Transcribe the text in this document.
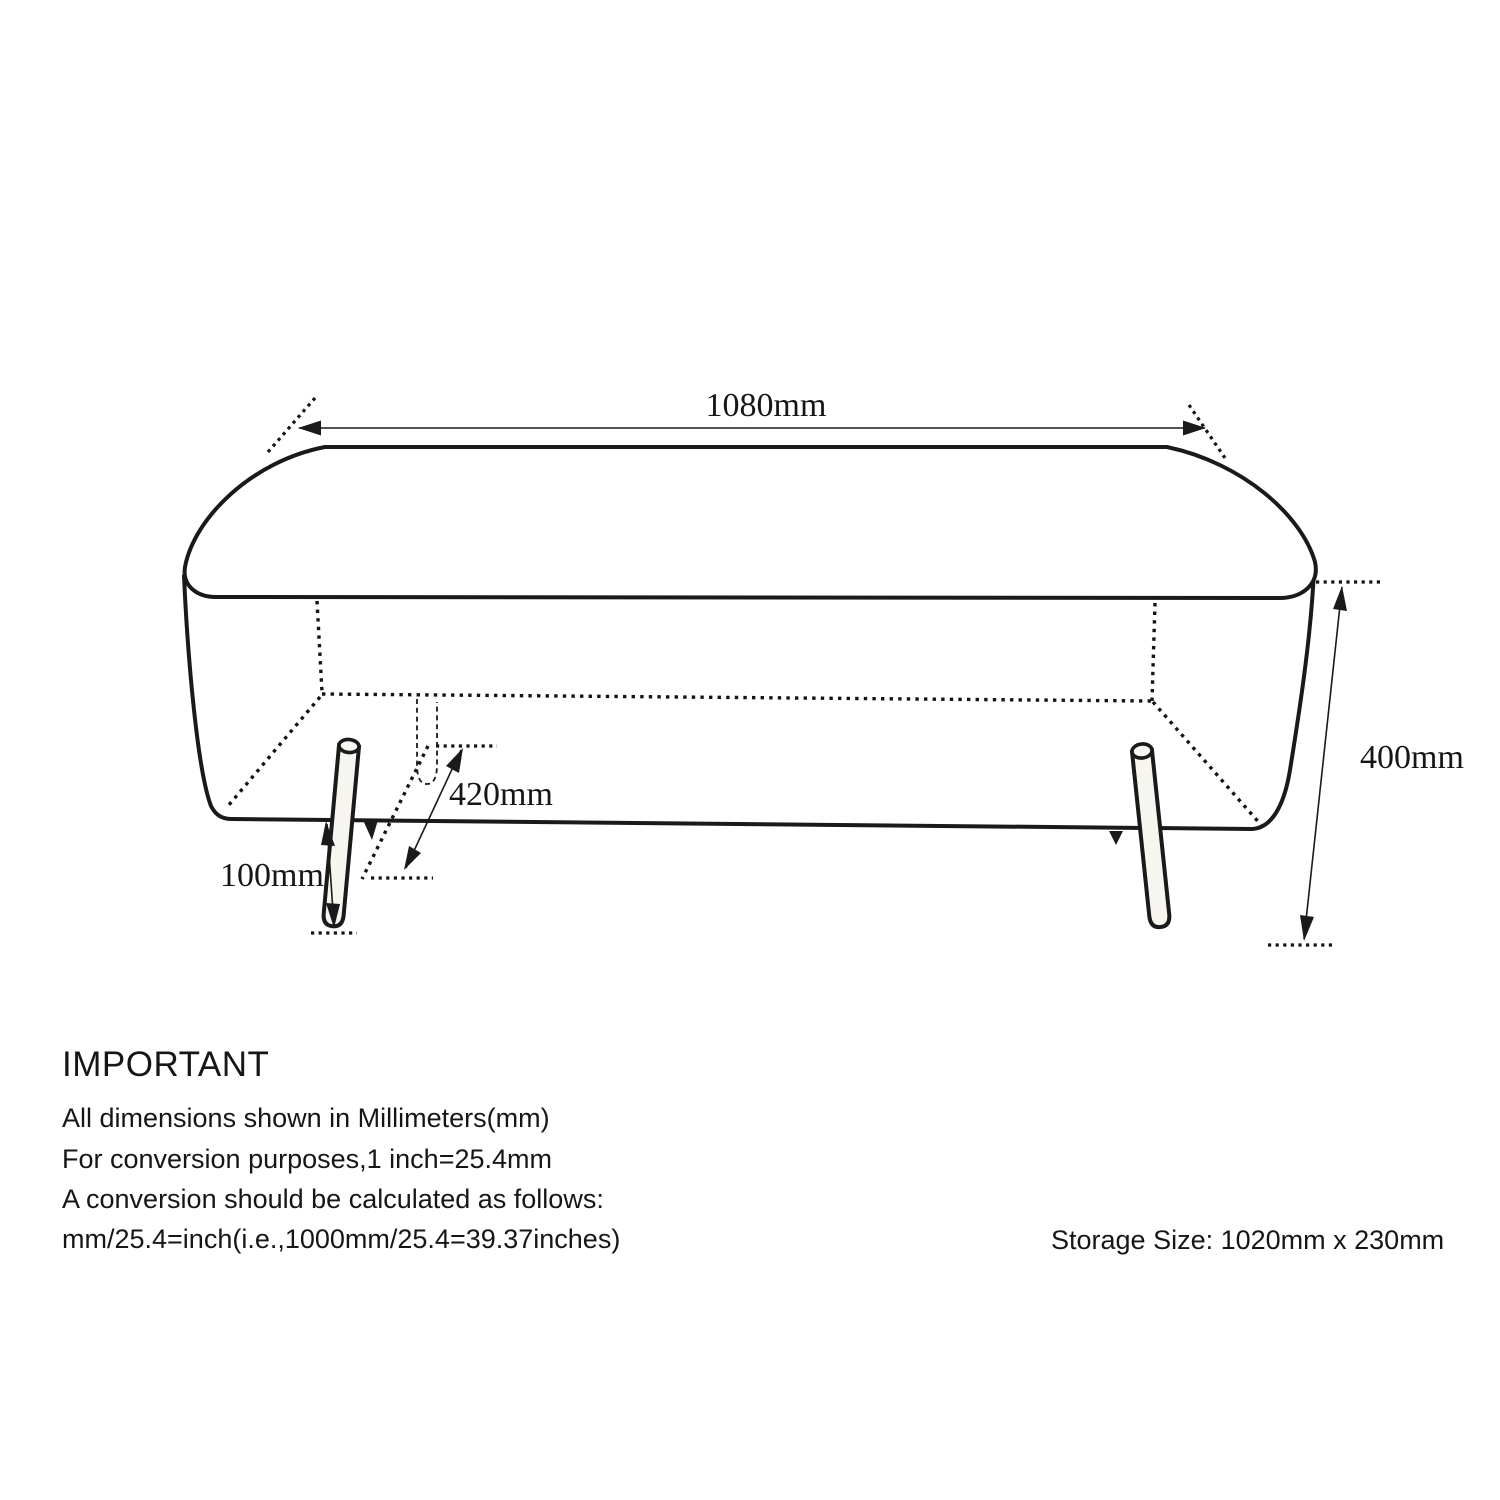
1080mm
400mm
420mm
100mm
IMPORTANT
All dimensions shown in Millimeters(mm)
For conversion purposes,1 inch=25.4mm
A conversion should be calculated as follows:
mm/25.4=inch(i.e.,1000mm/25.4=39.37inches)	Storage Size: 1020mm x 230mm
